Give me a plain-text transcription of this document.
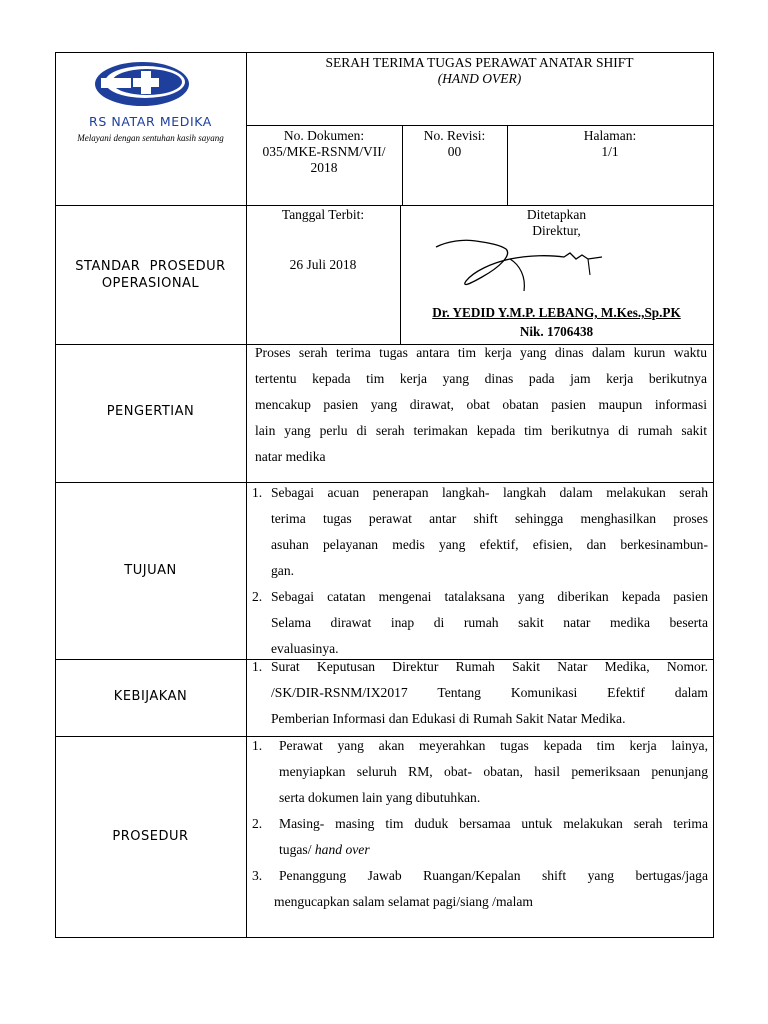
RS NATAR MEDIKA
Melayani dengan sentuhan kasih sayang
SERAH TERIMA TUGAS PERAWAT ANATAR SHIFT
(HAND OVER)
No. Dokumen:
035/MKE-RSNM/VII/
2018
No. Revisi:
00
Halaman:
1/1
STANDAR  PROSEDUR
OPERASIONAL
Tanggal Terbit:
26 Juli 2018
Ditetapkan
Direktur,
Dr. YEDID Y.M.P. LEBANG, M.Kes.,Sp.PK
Nik. 1706438
PENGERTIAN
Proses serah terima tugas antara tim kerja yang dinas dalam kurun waktu
tertentu kepada tim kerja yang dinas pada jam kerja berikutnya
mencakup pasien yang dirawat, obat obatan pasien maupun informasi
lain yang perlu di serah terimakan kepada tim berikutnya di rumah sakit
natar medika
TUJUAN
1. Sebagai acuan penerapan langkah- langkah dalam melakukan serah
terima tugas perawat antar shift sehingga menghasilkan proses
asuhan pelayanan medis yang efektif, efisien, dan berkesinambun-
gan.
2. Sebagai catatan mengenai tatalaksana yang diberikan kepada pasien
Selama dirawat inap di rumah sakit natar medika beserta
evaluasinya.
KEBIJAKAN
1. Surat Keputusan Direktur Rumah Sakit Natar Medika, Nomor.
/SK/DIR-RSNM/IX2017 Tentang Komunikasi Efektif dalam
Pemberian Informasi dan Edukasi di Rumah Sakit Natar Medika.
PROSEDUR
1. Perawat yang akan meyerahkan tugas kepada tim kerja lainya,
menyiapkan seluruh RM, obat- obatan, hasil pemeriksaan penunjang
serta dokumen lain yang dibutuhkan.
2. Masing- masing tim duduk bersamaa untuk melakukan serah terima
tugas/ hand over
3.	Penanggung Jawab Ruangan/Kepalan shift yang bertugas/jaga
mengucapkan salam selamat pagi/siang /malam
